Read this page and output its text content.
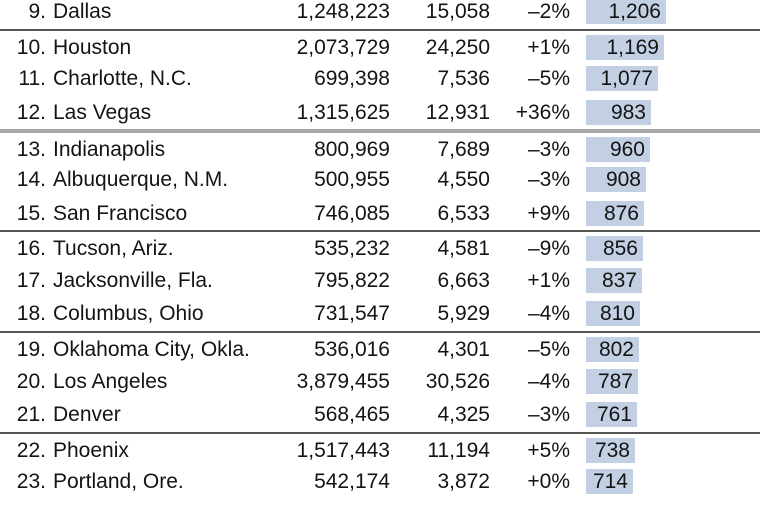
9. Dallas	1,248,223	15,058	–2%	1,206
10. Houston	2,073,729	24,250	+1%	1,169
11. Charlotte, N.C.	699,398	7,536	–5%	1,077
12. Las Vegas	1,315,625	12,931	+36%	983
13. Indianapolis	800,969	7,689	–3%	960
14. Albuquerque, N.M.	500,955	4,550	–3%	908
15. San Francisco	746,085	6,533	+9%	876
16. Tucson, Ariz.	535,232	4,581	–9%	856
17. Jacksonville, Fla.	795,822	6,663	+1%	837
18. Columbus, Ohio	731,547	5,929	–4%	810
19. Oklahoma City, Okla.	536,016	4,301	–5%	802
20. Los Angeles	3,879,455	30,526	–4%	787
21. Denver	568,465	4,325	–3%	761
22. Phoenix	1,517,443	11,194	+5%	738
23. Portland, Ore.	542,174	3,872	+0%	714
